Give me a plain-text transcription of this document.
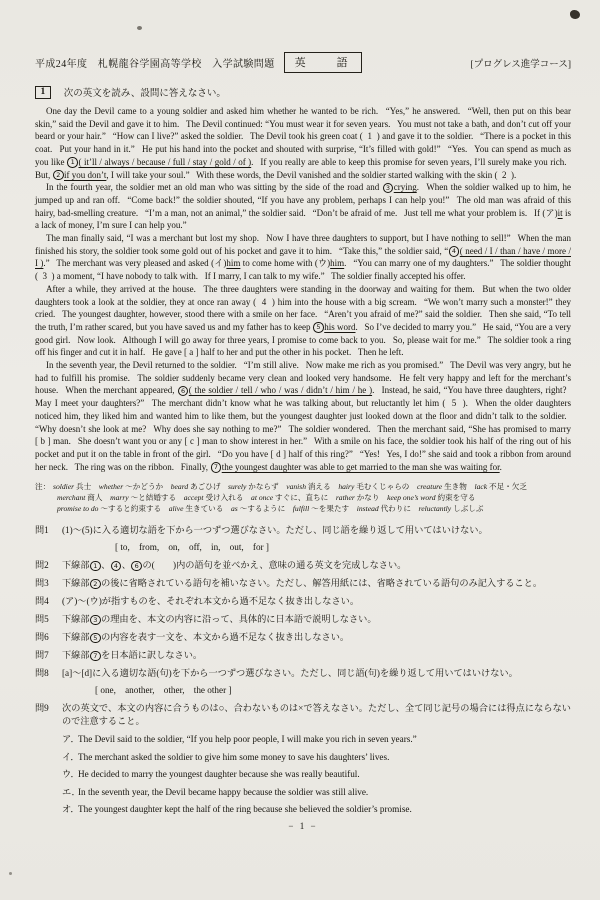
平成24年度　札幌龍谷学園高等学校　入学試験問題	英　　語	[プログレス進学コース]
1	次の英文を読み、設問に答えなさい。

One day the Devil came to a young soldier and asked him whether he wanted to be rich.  “Yes,” he answered.  “Well, then put on this bear skin,” said the Devil and gave it to him.  The Devil continued: “You must wear it for seven years.  You must not take a bath, and don’t cut off your beard or your hair.”  “How can I live?” asked the soldier.  The Devil took his green coat (  1  ) and gave it to the soldier.  “There is a pocket in this coat.  Put your hand in it.”  He put his hand into the pocket and shouted with surprise, “It’s filled with gold!”  “Yes.  You can spend as much as you like 1 ( it’ll / always / because / full / stay / gold / of ).  If you really are able to keep this promise for seven years, I’ll surely make you rich.  But, 2 if you don’t, I will take your soul.”  With these words, the Devil vanished and the soldier started walking with the skin (  2  ).

In the fourth year, the soldier met an old man who was sitting by the side of the road and 3 crying.  When the soldier walked up to him, he jumped up and ran off.  “Come back!” the soldier shouted, “If you have any problem, perhaps I can help you!”  The old man was afraid of this hairy, bad-smelling creature.  “I’m a man, not an animal,” the soldier said.  “Don’t be afraid of me.  Just tell me what your problem is.  If (ア)it is a lack of money, I’m sure I can help you.”

The man finally said, “I was a merchant but lost my shop.  Now I have three daughters to support, but I have nothing to sell!”  When the man finished his story, the soldier took some gold out of his pocket and gave it to him.  “Take this,” the soldier said, “ 4 ( need / I / than / have / more / I ).”  The merchant was very pleased and asked (イ)him to come home with (ウ)him.  “You can marry one of my daughters.”  The soldier thought (  3  ) a moment, “I have nobody to talk with.  If I marry, I can talk to my wife.”  The soldier finally accepted his offer.

After a while, they arrived at the house.  The three daughters were standing in the doorway and waiting for them.  But when the two older daughters took a look at the soldier, they at once ran away (  4  ) him into the house with a big scream.  “We won’t marry such a monster!” they cried.  The youngest daughter, however, stood there with a smile on her face.  “Aren’t you afraid of me?” said the soldier.  Then she said, “To tell the truth, I’m rather scared, but you have saved us and my father has to keep 5 his word.  So I’ve decided to marry you.”  He said, “You are a very good girl.  Now look.  Although I will go away for three years, I promise to come back to you.  So, please wait for me.”  The soldier took a ring off his finger and cut it in half.  He gave [ a ] half to her and put the other in his pocket.  Then he left.

In the seventh year, the Devil returned to the soldier.  “I’m still alive.  Now make me rich as you promised.”  The Devil was very angry, but he had to fulfill his promise.  The soldier suddenly became very clean and looked very handsome.  He felt very happy and left for the merchant’s house.  When the merchant appeared, 6 ( the soldier / tell / who / was / didn’t / him / he ).  Instead, he said, “You have three daughters, right?  May I meet your daughters?”  The merchant didn’t know what he was talking about, but reluctantly let him (  5  ).  When the older daughters noticed him, they liked him and wanted him to like them, but the youngest daughter just looked down at the floor and didn’t talk to the soldier.  “Why doesn’t she look at me?  Why does she say nothing to me?”  The soldier wondered.  Then the merchant said, “She has promised to marry [ b ] man.  She doesn’t want you or any [ c ] man to show interest in her.”  With a smile on his face, the soldier took his half of the ring out of his pocket and put it on the table in front of the girl.  “Do you have [ d ] half of this ring?”  “Yes!  Yes, I do!” she said and took a ribbon from around her neck.  The ring was on the ribbon.  Finally, 7 the youngest daughter was able to get married to the man she was waiting for.

注： soldier 兵士　whether ～かどうか　beard あごひげ　surely かならず　vanish 消える　hairy 毛むくじゃらの　creature 生き物　lack 不足・欠乏
merchant 商人　marry ～と結婚する　accept 受け入れる　at once すぐに、直ちに　rather かなり　keep one’s word 約束を守る
promise to do ～すると約束する　alive 生きている　as ～するように　fulfill ～を果たす　instead 代わりに　reluctantly しぶしぶ
問1 (1)～(5)に入る適切な語を下から一つずつ選びなさい。ただし、同じ語を繰り返して用いてはいけない。
[ to,    from,    on,    off,    in,    out,    for ]
問2 下線部 1 、 4 、 6 の(　　)内の語句を並べかえ、意味の通る英文を完成しなさい。
問3 下線部 2 の後に省略されている語句を補いなさい。ただし、解答用紙には、省略されている語句のみ記入すること。
問4 (ア)～(ウ)が指すものを、それぞれ本文から過不足なく抜き出しなさい。
問5 下線部 3 の理由を、本文の内容に沿って、具体的に日本語で説明しなさい。
問6 下線部 5 の内容を表す一文を、本文から過不足なく抜き出しなさい。
問7 下線部 7 を日本語に訳しなさい。
問8 [a]～[d]に入る適切な語(句)を下から一つずつ選びなさい。ただし、同じ語(句)を繰り返して用いてはいけない。
[ one,    another,    other,    the other ]
問9 次の英文で、本文の内容に合うものは○、合わないものは×で答えなさい。ただし、全て同じ記号の場合には得点にならないので注意すること。
ア．
The Devil said to the soldier, “If you help poor people, I will make you rich in seven years.”
イ．
The merchant asked the soldier to give him some money to save his daughters’ lives.
ウ．
He decided to marry the youngest daughter because she was really beautiful.
エ．
In the seventh year, the Devil became happy because the soldier was still alive.
オ．
The youngest daughter kept the half of the ring because she believed the soldier’s promise.
− 1 −
